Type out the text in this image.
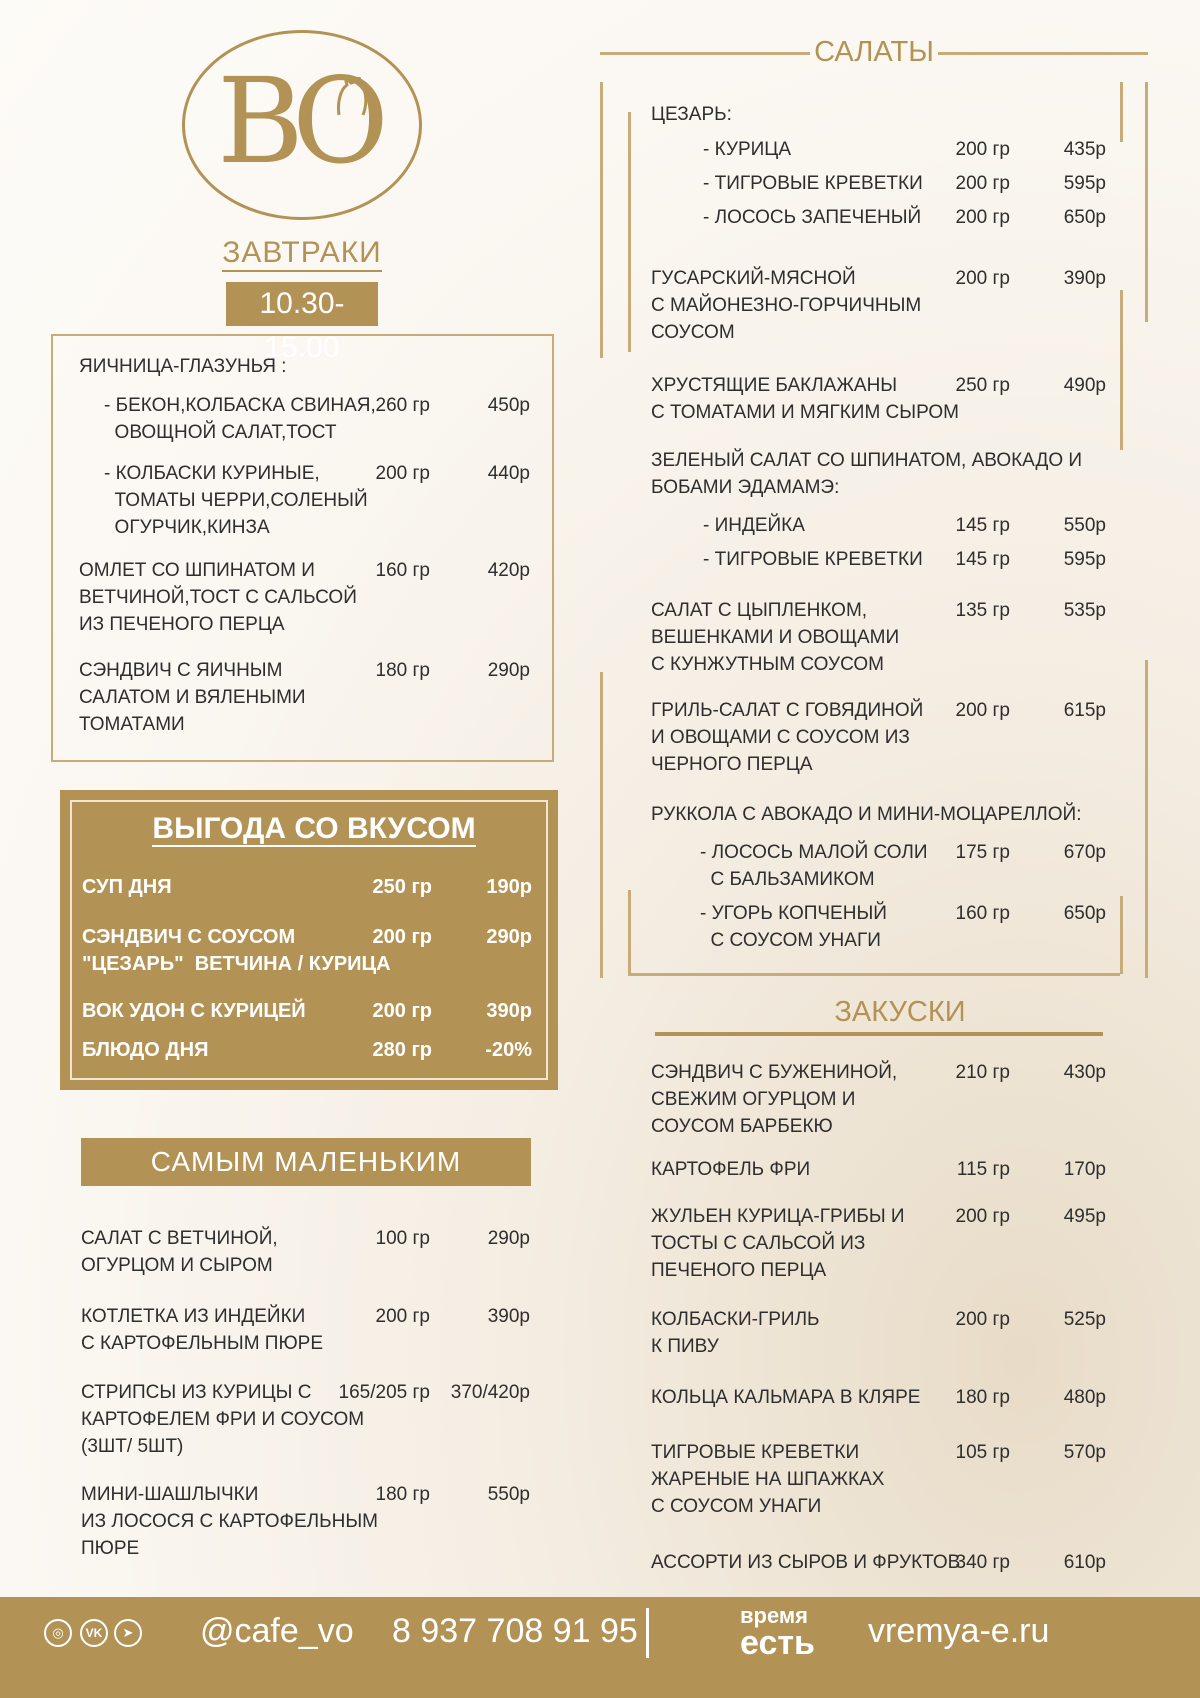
BO
ЗАВТРАКИ
10.30-15.00
ЯИЧНИЦА-ГЛАЗУНЬЯ :
- БЕКОН,КОЛБАСКА СВИНАЯ,
ОВОЩНОЙ САЛАТ,ТОСТ
260 гр	450р
- КОЛБАСКИ КУРИНЫЕ,
ТОМАТЫ ЧЕРРИ,СОЛЕНЫЙ
ОГУРЧИК,КИНЗА
200 гр	440р
ОМЛЕТ СО ШПИНАТОМ И
ВЕТЧИНОЙ,ТОСТ С САЛЬСОЙ
ИЗ ПЕЧЕНОГО ПЕРЦА
160 гр	420р
СЭНДВИЧ С ЯИЧНЫМ
САЛАТОМ И ВЯЛЕНЫМИ
ТОМАТАМИ
180 гр	290р
ВЫГОДА СО ВКУСОМ
СУП ДНЯ	250 гр	190р
СЭНДВИЧ С СОУСОМ
"ЦЕЗАРЬ"  ВЕТЧИНА / КУРИЦА
200 гр	290р
ВОК УДОН С КУРИЦЕЙ	200 гр	390р
БЛЮДО ДНЯ	280 гр	-20%
САМЫМ МАЛЕНЬКИМ
САЛАТ С ВЕТЧИНОЙ,
ОГУРЦОМ И СЫРОМ
100 гр	290р
КОТЛЕТКА ИЗ ИНДЕЙКИ
С КАРТОФЕЛЬНЫМ ПЮРЕ
200 гр	390р
СТРИПСЫ ИЗ КУРИЦЫ С
КАРТОФЕЛЕМ ФРИ И СОУСОМ
(3ШТ/ 5ШТ)
165/205 гр	370/420р
МИНИ-ШАШЛЫЧКИ
ИЗ ЛОСОСЯ С КАРТОФЕЛЬНЫМ
ПЮРЕ
180 гр	550р
САЛАТЫ
ЦЕЗАРЬ:
- КУРИЦА	200 гр	435р
- ТИГРОВЫЕ КРЕВЕТКИ	200 гр	595р
- ЛОСОСЬ ЗАПЕЧЕНЫЙ	200 гр	650р
ГУСАРСКИЙ-МЯСНОЙ
С МАЙОНЕЗНО-ГОРЧИЧНЫМ
СОУСОМ
200 гр	390р
ХРУСТЯЩИЕ БАКЛАЖАНЫ
С ТОМАТАМИ И МЯГКИМ СЫРОМ
250 гр	490р
ЗЕЛЕНЫЙ САЛАТ СО ШПИНАТОМ, АВОКАДО И
БОБАМИ ЭДАМАМЭ:
- ИНДЕЙКА	145 гр	550р
- ТИГРОВЫЕ КРЕВЕТКИ	145 гр	595р
САЛАТ С ЦЫПЛЕНКОМ,
ВЕШЕНКАМИ И ОВОЩАМИ
С КУНЖУТНЫМ СОУСОМ
135 гр	535р
ГРИЛЬ-САЛАТ С ГОВЯДИНОЙ
И ОВОЩАМИ С СОУСОМ ИЗ
ЧЕРНОГО ПЕРЦА
200 гр	615р
РУККОЛА С АВОКАДО И МИНИ-МОЦАРЕЛЛОЙ:
- ЛОСОСЬ МАЛОЙ СОЛИ
С БАЛЬЗАМИКОМ
175 гр	670р
- УГОРЬ КОПЧЕНЫЙ
С СОУСОМ УНАГИ
160 гр	650р
ЗАКУСКИ
СЭНДВИЧ С БУЖЕНИНОЙ,
СВЕЖИМ ОГУРЦОМ И
СОУСОМ БАРБЕКЮ
210 гр	430р
КАРТОФЕЛЬ ФРИ	115 гр	170р
ЖУЛЬЕН КУРИЦА-ГРИБЫ И
ТОСТЫ С САЛЬСОЙ ИЗ
ПЕЧЕНОГО ПЕРЦА
200 гр	495р
КОЛБАСКИ-ГРИЛЬ
К ПИВУ
200 гр	525р
КОЛЬЦА КАЛЬМАРА В КЛЯРЕ	180 гр	480р
ТИГРОВЫЕ КРЕВЕТКИ
ЖАРЕНЫЕ НА ШПАЖКАХ
С СОУСОМ УНАГИ
105 гр	570р
АССОРТИ ИЗ СЫРОВ И ФРУКТОВ
340 гр	610р
◎	VK	➤ @cafe_vo 8 937 708 91 95	время
есть vremya-e.ru
